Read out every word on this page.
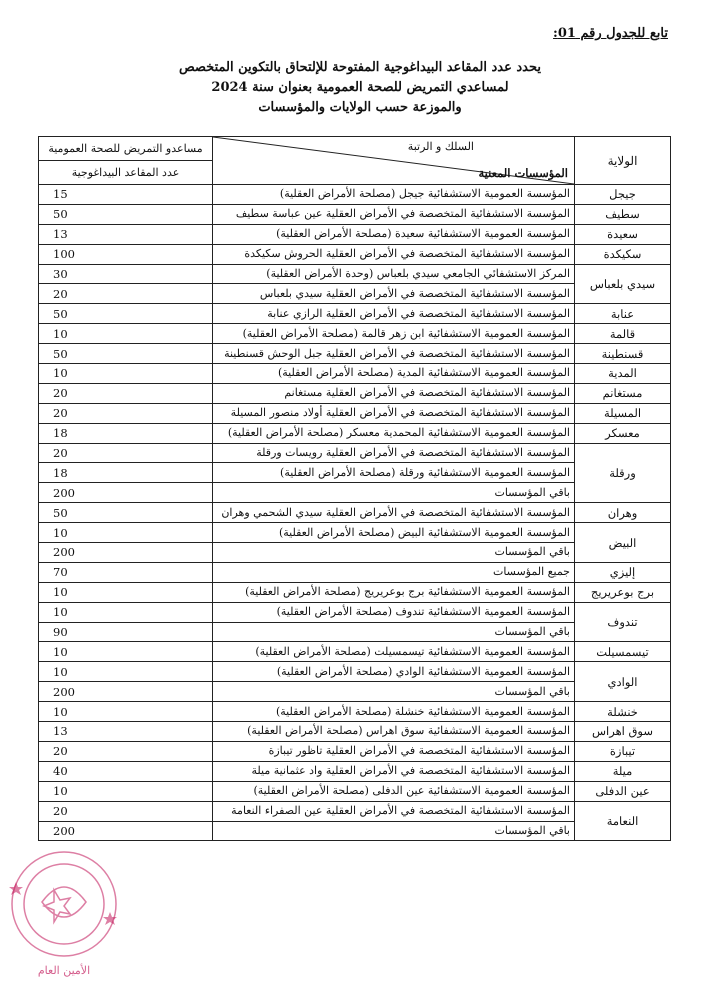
تابع للجدول رقم 01:
يحدد عدد المقاعد البيداغوجية المفتوحة للإلتحاق بالتكوين المتخصص
لمساعدي التمريض للصحة العمومية بعنوان سنة 2024
والموزعة حسب الولايات والمؤسسات
الولاية	السلك و الرتبة
المؤسسات المعنية	مساعدو التمريض للصحة العمومية
		عدد المقاعد البيداغوجية
جيجل	المؤسسة العمومية الاستشفائية جيجل (مصلحة الأمراض العقلية)	15
سطيف	المؤسسة الاستشفائية المتخصصة في الأمراض العقلية عين عباسة سطيف	50
سعيدة	المؤسسة العمومية الاستشفائية سعيدة (مصلحة الأمراض العقلية)	13
سكيكدة	المؤسسة الاستشفائية المتخصصة في الأمراض العقلية الحروش سكيكدة	100
سيدي بلعباس	المركز الاستشفائي الجامعي سيدي بلعباس (وحدة الأمراض العقلية)	30
	المؤسسة الاستشفائية المتخصصة في الأمراض العقلية سيدي بلعباس	20
عنابة	المؤسسة الاستشفائية المتخصصة في الأمراض العقلية الرازي عنابة	50
قالمة	المؤسسة العمومية الاستشفائية ابن زهر قالمة (مصلحة الأمراض العقلية)	10
قسنطينة	المؤسسة الاستشفائية المتخصصة في الأمراض العقلية جبل الوحش قسنطينة	50
المدية	المؤسسة العمومية الاستشفائية المدية (مصلحة الأمراض العقلية)	10
مستغانم	المؤسسة الاستشفائية المتخصصة في الأمراض العقلية مستغانم	20
المسيلة	المؤسسة الاستشفائية المتخصصة في الأمراض العقلية أولاد منصور المسيلة	20
معسكر	المؤسسة العمومية الاستشفائية المحمدية معسكر (مصلحة الأمراض العقلية)	18
ورقلة	المؤسسة الاستشفائية المتخصصة في الأمراض العقلية رويسات ورقلة	20
	المؤسسة العمومية الاستشفائية ورقلة (مصلحة الأمراض العقلية)	18
	باقي المؤسسات	200
وهران	المؤسسة الاستشفائية المتخصصة في الأمراض العقلية سيدي الشحمي وهران	50
البيض	المؤسسة العمومية الاستشفائية البيض (مصلحة الأمراض العقلية)	10
	باقي المؤسسات	200
إليزي	جميع المؤسسات	70
برج بوعريريج	المؤسسة العمومية الاستشفائية برج بوعريريج (مصلحة الأمراض العقلية)	10
تندوف	المؤسسة العمومية الاستشفائية تندوف (مصلحة الأمراض العقلية)	10
	باقي المؤسسات	90
تيسمسيلت	المؤسسة العمومية الاستشفائية تيسمسيلت (مصلحة الأمراض العقلية)	10
الوادي	المؤسسة العمومية الاستشفائية الوادي (مصلحة الأمراض العقلية)	10
	باقي المؤسسات	200
خنشلة	المؤسسة العمومية الاستشفائية خنشلة (مصلحة الأمراض العقلية)	10
سوق اهراس	المؤسسة العمومية الاستشفائية سوق اهراس (مصلحة الأمراض العقلية)	13
تيبازة	المؤسسة الاستشفائية المتخصصة في الأمراض العقلية تاظور تيبازة	20
ميلة	المؤسسة الاستشفائية المتخصصة في الأمراض العقلية واد عثمانية ميلة	40
عين الدفلى	المؤسسة العمومية الاستشفائية عين الدفلى (مصلحة الأمراض العقلية)	10
النعامة	المؤسسة الاستشفائية المتخصصة في الأمراض العقلية عين الصفراء النعامة	20
	باقي المؤسسات	200
الأمين العام
